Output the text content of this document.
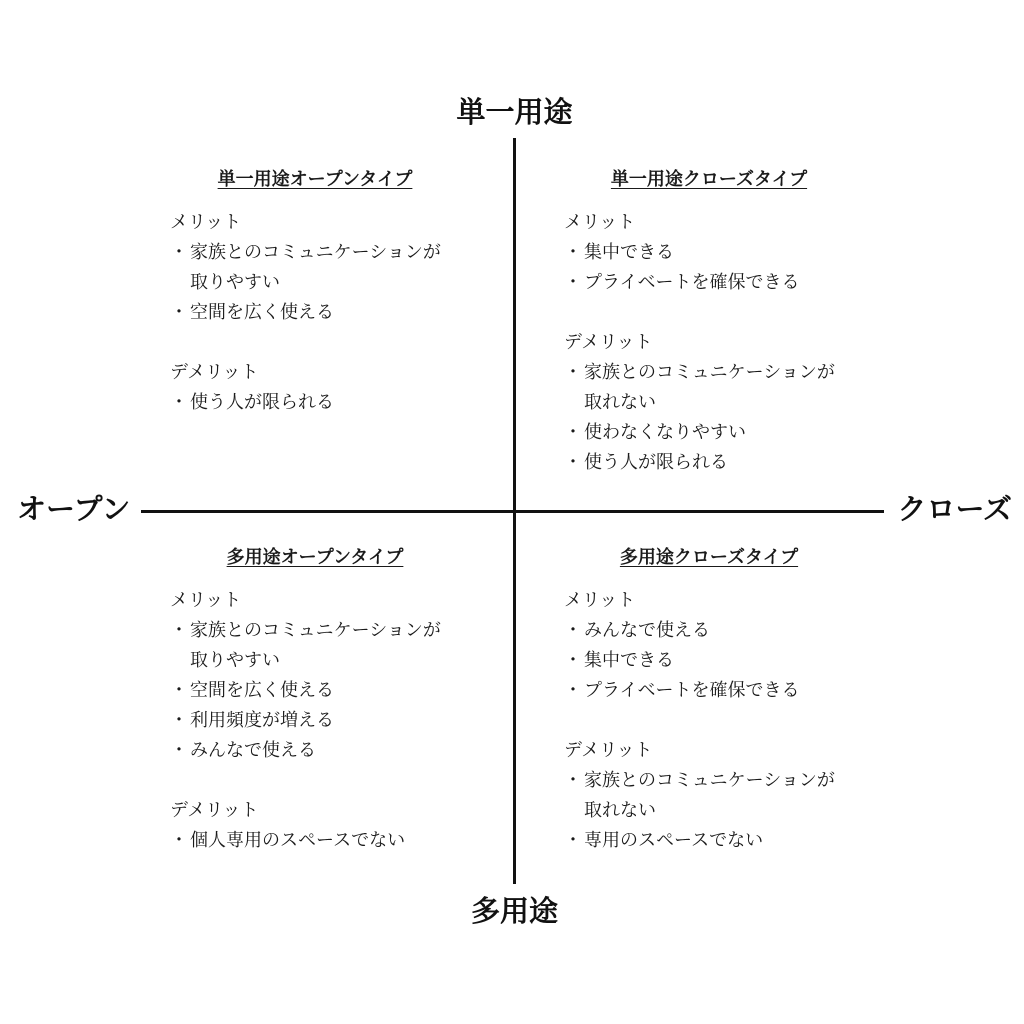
単一用途
多用途
オープン	クローズ
単一用途オープンタイプ
メリット
・ 家族とのコミュニケーションが
取りやすい
・ 空間を広く使える
デメリット
・ 使う人が限られる
単一用途クローズタイプ
メリット
・ 集中できる
・ プライベートを確保できる
デメリット
・ 家族とのコミュニケーションが
取れない
・ 使わなくなりやすい
・ 使う人が限られる
多用途オープンタイプ
メリット
・ 家族とのコミュニケーションが
取りやすい
・ 空間を広く使える
・ 利用頻度が増える
・ みんなで使える
デメリット
・ 個人専用のスペースでない
多用途クローズタイプ
メリット
・ みんなで使える
・ 集中できる
・ プライベートを確保できる
デメリット
・ 家族とのコミュニケーションが
取れない
・ 専用のスペースでない
